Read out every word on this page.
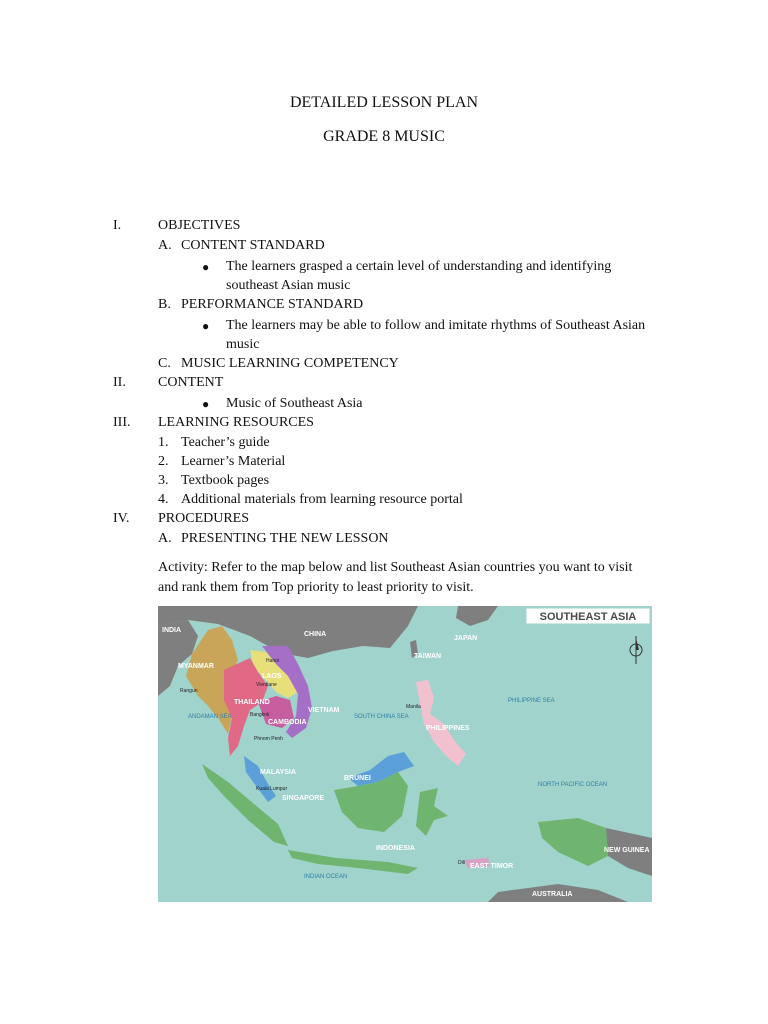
DETAILED LESSON PLAN
GRADE 8 MUSIC
I.	OBJECTIVES
A. CONTENT STANDARD
● The learners grasped a certain level of understanding and identifying
southeast Asian music
B. PERFORMANCE STANDARD
● The learners may be able to follow and imitate rhythms of Southeast Asian
music
C. MUSIC LEARNING COMPETENCY
II. CONTENT
● Music of Southeast Asia
III. LEARNING RESOURCES
1. Teacher’s guide
2. Learner’s Material
3. Textbook pages
4. Additional materials from learning resource portal
IV. PROCEDURES
A. PRESENTING THE NEW LESSON
Activity: Refer to the map below and list Southeast Asian countries you want to visit
and rank them from Top priority to least priority to visit.
SOUTHEAST ASIA
INDIA
CHINA
JAPAN
TAIWAN
MYANMAR
LAOS
THAILAND
CAMBODIA
VIETNAM
PHILIPPINES
MALAYSIA
BRUNEI
SINGAPORE
INDONESIA
EAST TIMOR
NEW GUINEA
AUSTRALIA
ANDAMAN SEA	SOUTH CHINA SEA
PHILIPPINE SEA
NORTH PACIFIC OCEAN
INDIAN OCEAN
Hanoi
Vientiane
Rangun
Bangkok
Phnom Penh
Manila
Kuala Lumpur
Dili
